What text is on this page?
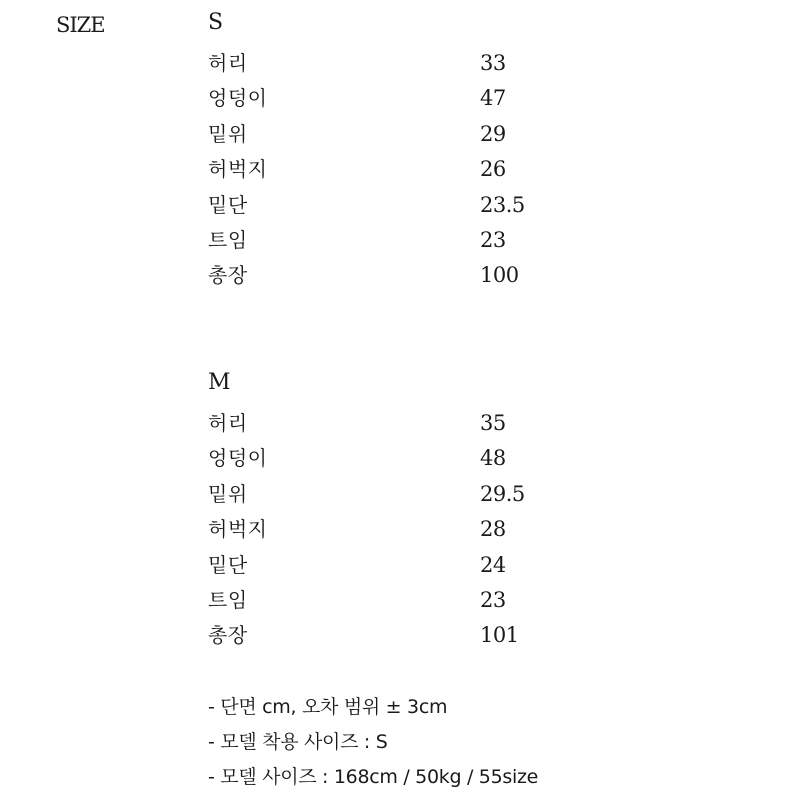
SIZE	S
허리	33
엉덩이	47
밑위	29
허벅지	26
밑단	23.5
트임	23
총장	100
M
허리	35
엉덩이	48
밑위	29.5
허벅지	28
밑단	24
트임	23
총장	101
- 단면 cm, 오차 범위 ± 3cm
- 모델 착용 사이즈 : S
- 모델 사이즈 : 168cm / 50kg / 55size
